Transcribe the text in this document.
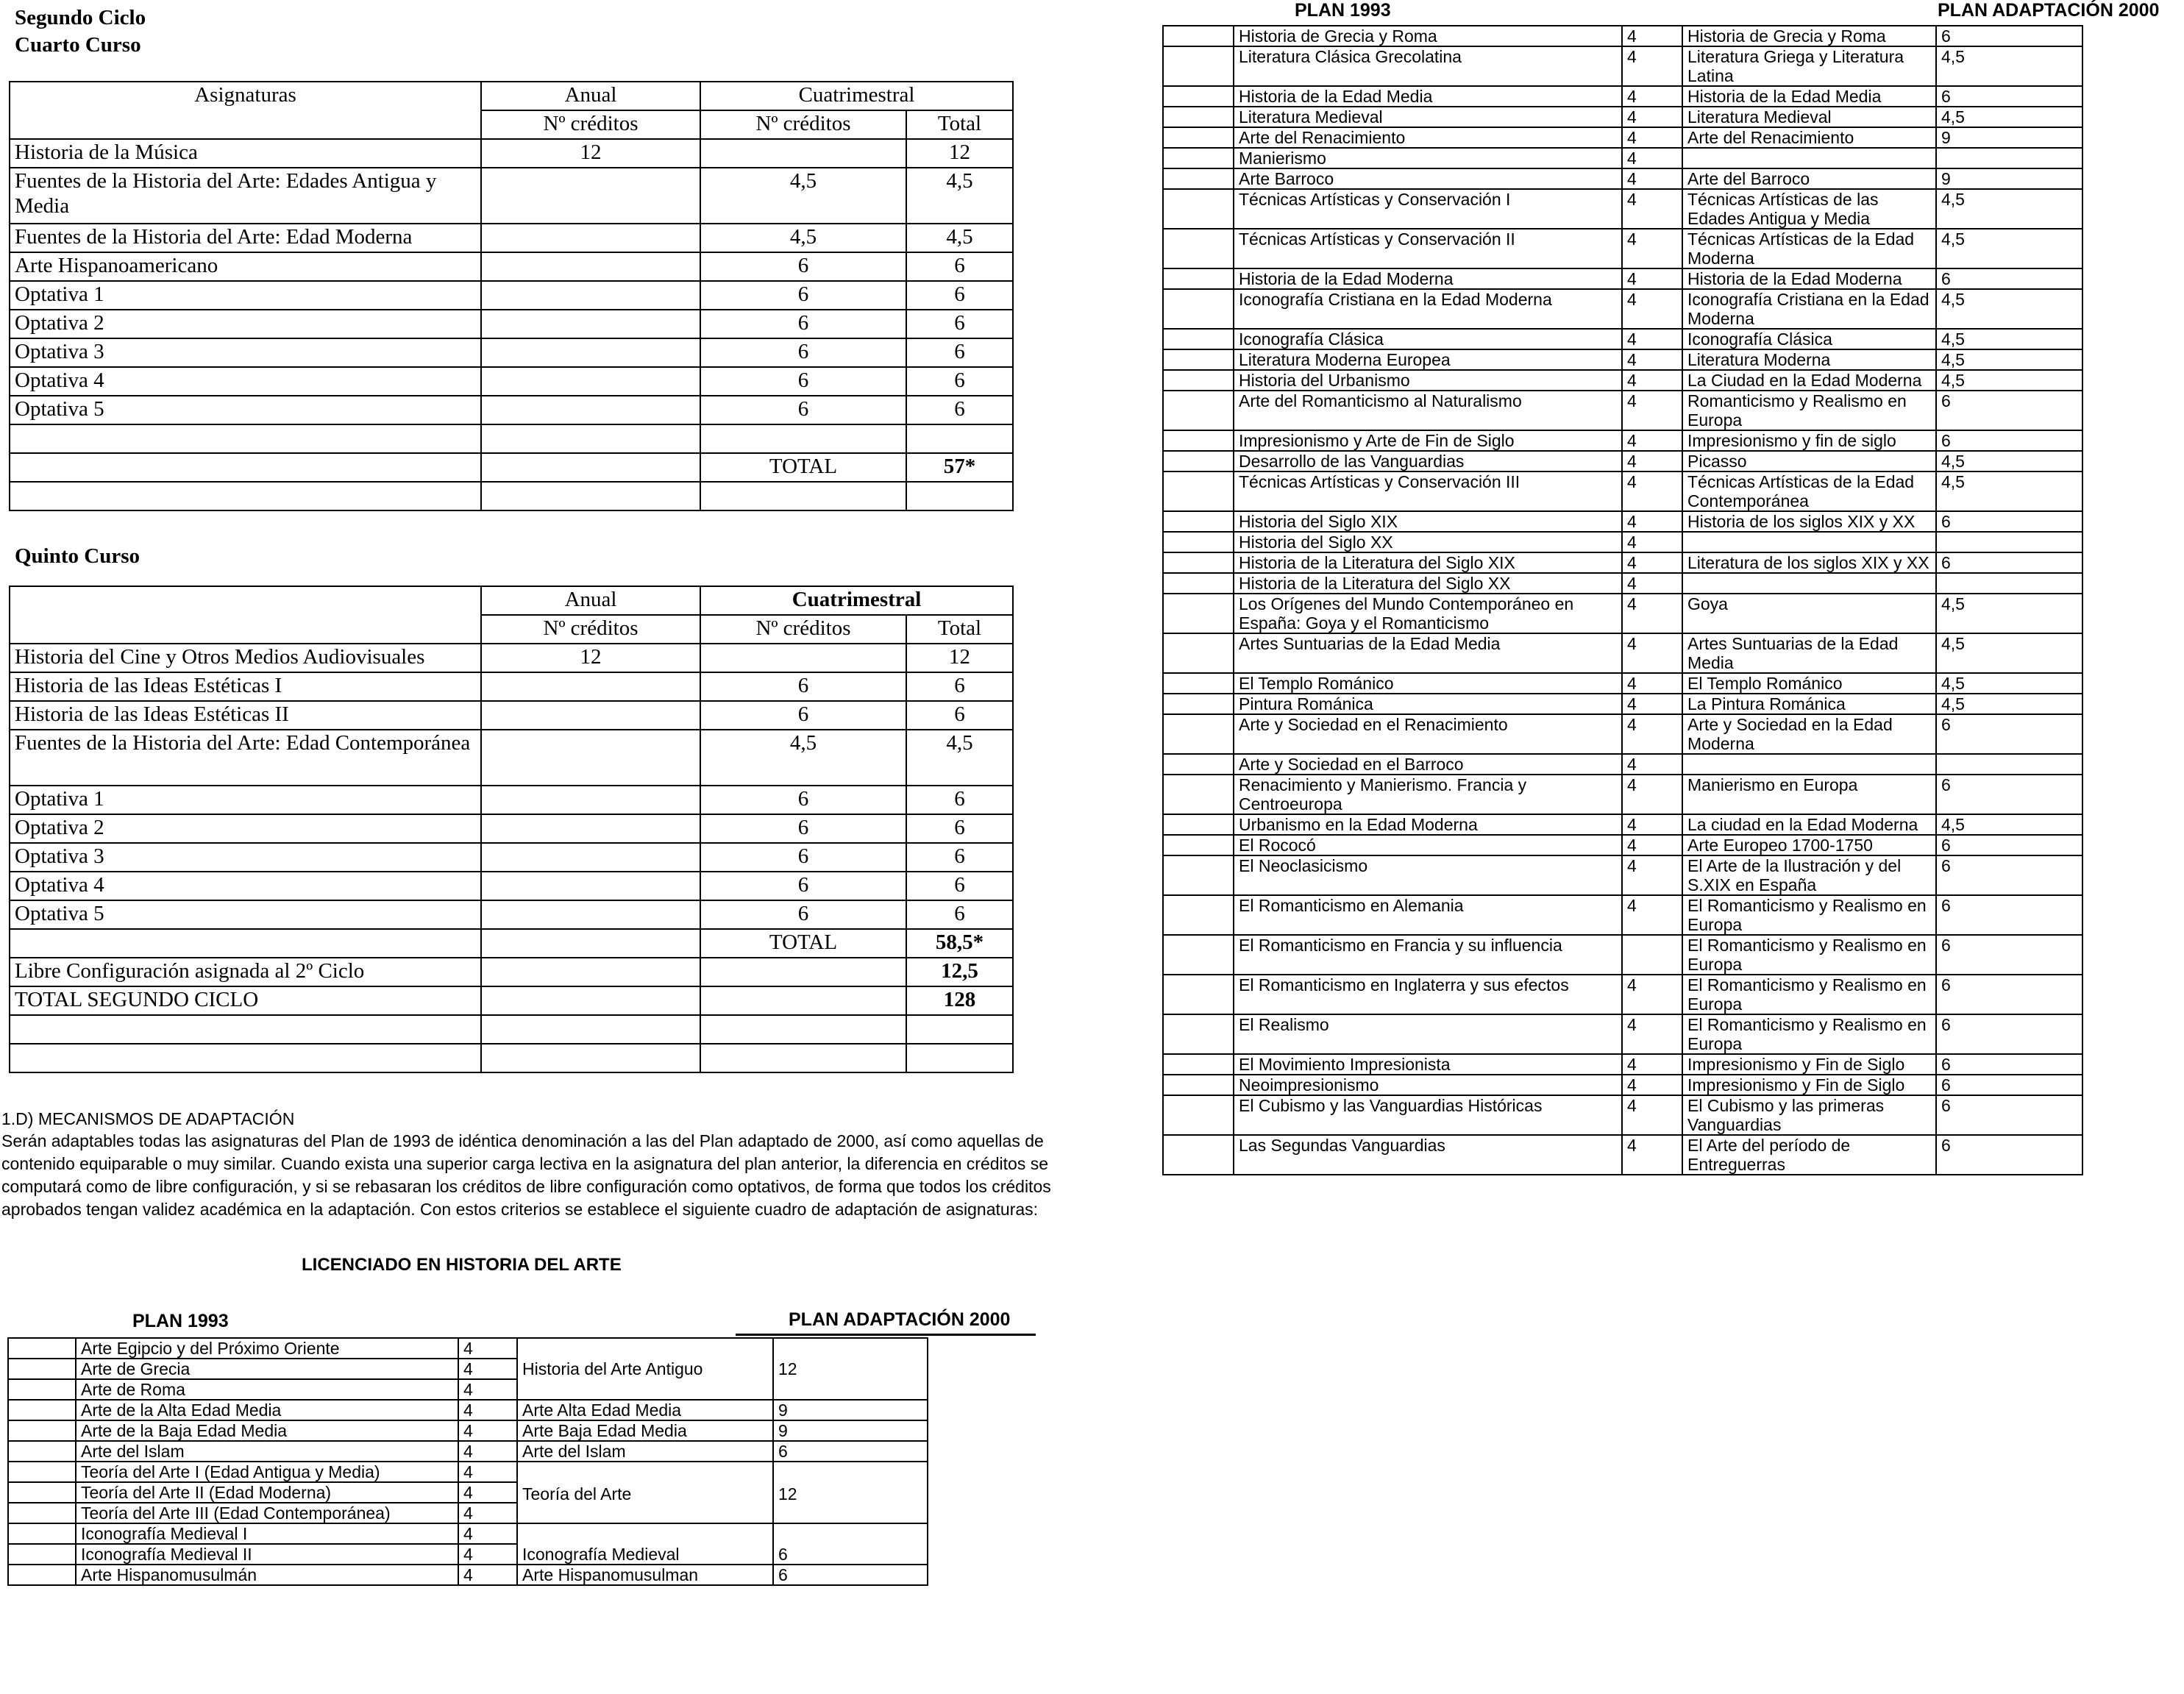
Segundo Ciclo
Cuarto Curso
Asignaturas	Anual	Cuatrimestral	
	Nº créditos	Nº créditos	Total
Historia de la Música	12		12
Fuentes de la Historia del Arte: Edades Antigua y Media		4,5	4,5
Fuentes de la Historia del Arte: Edad Moderna		4,5	4,5
Arte Hispanoamericano		6	6
Optativa 1		6	6
Optativa 2		6	6
Optativa 3		6	6
Optativa 4		6	6
Optativa 5		6	6

		TOTAL	57*

Quinto Curso
	Anual	Cuatrimestral	
	Nº créditos	Nº créditos	Total
Historia del Cine y Otros Medios Audiovisuales	12		12
Historia de las Ideas Estéticas I		6	6
Historia de las Ideas Estéticas II		6	6
Fuentes de la Historia del Arte: Edad Contemporánea		4,5	4,5
Optativa 1		6	6
Optativa 2		6	6
Optativa 3		6	6
Optativa 4		6	6
Optativa 5		6	6
		TOTAL	58,5*
Libre Configuración asignada al 2º Ciclo			12,5
TOTAL SEGUNDO CICLO			128

1.D) MECANISMOS DE ADAPTACIÓN
Serán adaptables todas las asignaturas del Plan de 1993 de idéntica denominación a las del Plan adaptado de 2000, así como aquellas de contenido equiparable o muy similar. Cuando exista una superior carga lectiva en la asignatura del plan anterior, la diferencia en créditos se computará como de libre configuración, y si se rebasaran los créditos de libre configuración como optativos, de forma que todos los créditos aprobados tengan validez académica en la adaptación. Con estos criterios se establece el siguiente cuadro de adaptación de asignaturas:
LICENCIADO EN HISTORIA DEL ARTE
PLAN 1993	PLAN ADAPTACIÓN 2000
	Arte Egipcio y del Próximo Oriente	4	Historia del Arte Antiguo	12
	Arte de Grecia	4		
	Arte de Roma	4		
	Arte de la Alta Edad Media	4	Arte Alta Edad Media	9
	Arte de la Baja Edad Media	4	Arte Baja Edad Media	9
	Arte del Islam	4	Arte del Islam	6
	Teoría del Arte I (Edad Antigua y Media)	4	Teoría del Arte	12
	Teoría del Arte II (Edad Moderna)	4		
	Teoría del Arte III (Edad Contemporánea)	4		
	Iconografía Medieval I	4	Iconografía Medieval	6
	Iconografía Medieval II	4		
	Arte Hispanomusulmán	4	Arte Hispanomusulman	6
PLAN 1993	PLAN ADAPTACIÓN 2000
	Historia de Grecia y Roma	4	Historia de Grecia y Roma	6
	Literatura Clásica Grecolatina	4	Literatura Griega y Literatura Latina	4,5
	Historia de la Edad Media	4	Historia de la Edad Media	6
	Literatura Medieval	4	Literatura Medieval	4,5
	Arte del Renacimiento	4	Arte del Renacimiento	9
	Manierismo	4		
	Arte Barroco	4	Arte del Barroco	9
	Técnicas Artísticas y Conservación I	4	Técnicas Artísticas de las Edades Antigua y Media	4,5
	Técnicas Artísticas y Conservación II	4	Técnicas Artísticas de la Edad Moderna	4,5
	Historia de la Edad Moderna	4	Historia de la Edad Moderna	6
	Iconografía Cristiana en la Edad Moderna	4	Iconografía Cristiana en la Edad Moderna	4,5
	Iconografía Clásica	4	Iconografía Clásica	4,5
	Literatura Moderna Europea	4	Literatura Moderna	4,5
	Historia del Urbanismo	4	La Ciudad en la Edad Moderna	4,5
	Arte del Romanticismo al Naturalismo	4	Romanticismo y Realismo en Europa	6
	Impresionismo y Arte de Fin de Siglo	4	Impresionismo y fin de siglo	6
	Desarrollo de las Vanguardias	4	Picasso	4,5
	Técnicas Artísticas y Conservación III	4	Técnicas Artísticas de la Edad Contemporánea	4,5
	Historia del Siglo XIX	4	Historia de los siglos XIX y XX	6
	Historia del Siglo XX	4		
	Historia de la Literatura del Siglo XIX	4	Literatura de los siglos XIX y XX	6
	Historia de la Literatura del Siglo XX	4		
	Los Orígenes del Mundo Contemporáneo en España: Goya y el Romanticismo	4	Goya	4,5
	Artes Suntuarias de la Edad Media	4	Artes Suntuarias de la Edad Media	4,5
	El Templo Románico	4	El Templo Románico	4,5
	Pintura Románica	4	La Pintura Románica	4,5
	Arte y Sociedad en el Renacimiento	4	Arte y Sociedad en la Edad Moderna	6
	Arte y Sociedad en el Barroco	4		
	Renacimiento y Manierismo. Francia y Centroeuropa	4	Manierismo en Europa	6
	Urbanismo en la Edad Moderna	4	La ciudad en la Edad Moderna	4,5
	El Rococó	4	Arte Europeo 1700-1750	6
	El Neoclasicismo	4	El Arte de la Ilustración y del S.XIX en España	6
	El Romanticismo en Alemania	4	El Romanticismo y Realismo en Europa	6
	El Romanticismo en Francia y su influencia		El Romanticismo y Realismo en Europa	6
	El Romanticismo en Inglaterra y sus efectos	4	El Romanticismo y Realismo en Europa	6
	El Realismo	4	El Romanticismo y Realismo en Europa	6
	El Movimiento Impresionista	4	Impresionismo y Fin de Siglo	6
	Neoimpresionismo	4	Impresionismo y Fin de Siglo	6
	El Cubismo y las Vanguardias Históricas	4	El Cubismo y las primeras Vanguardias	6
	Las Segundas Vanguardias	4	El Arte del período de Entreguerras	6
